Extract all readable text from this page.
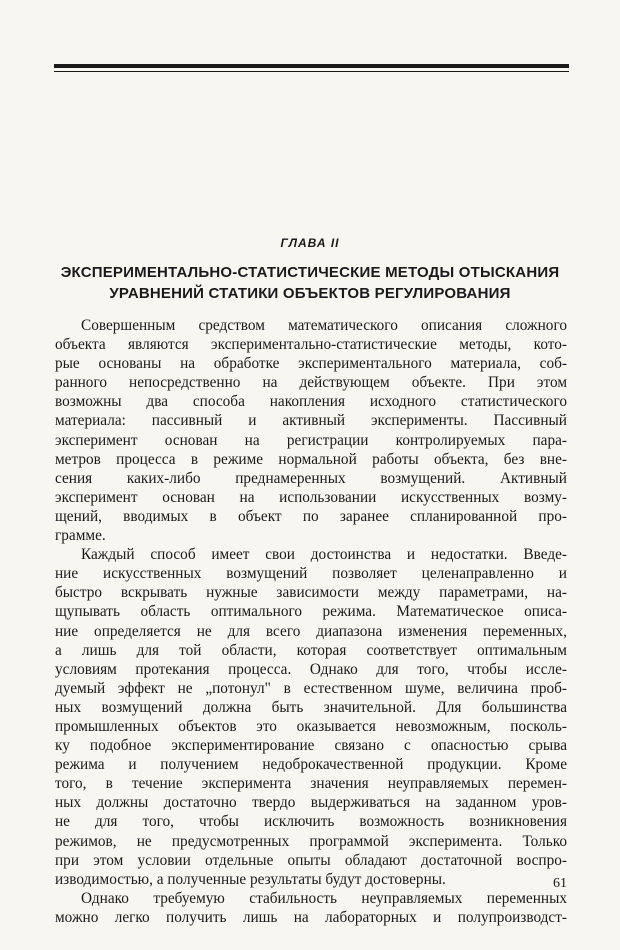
ГЛАВА II
ЭКСПЕРИМЕНТАЛЬНО-СТАТИСТИЧЕСКИЕ МЕТОДЫ ОТЫСКАНИЯ
УРАВНЕНИЙ СТАТИКИ ОБЪЕКТОВ РЕГУЛИРОВАНИЯ
Совершенным средством математического описания сложного
объекта являются экспериментально-статистические методы, кото-
рые основаны на обработке экспериментального материала, соб-
ранного непосредственно на действующем объекте. При этом
возможны два способа накопления исходного статистического
материала: пассивный и активный эксперименты. Пассивный
эксперимент основан на регистрации контролируемых пара-
метров процесса в режиме нормальной работы объекта, без вне-
сения каких-либо преднамеренных возмущений. Активный
эксперимент основан на использовании искусственных возму-
щений, вводимых в объект по заранее спланированной про-
грамме.
Каждый способ имеет свои достоинства и недостатки. Введе-
ние искусственных возмущений позволяет целенаправленно и
быстро вскрывать нужные зависимости между параметрами, на-
щупывать область оптимального режима. Математическое описа-
ние определяется не для всего диапазона изменения переменных,
а лишь для той области, которая соответствует оптимальным
условиям протекания процесса. Однако для того, чтобы иссле-
дуемый эффект не „потонул" в естественном шуме, величина проб-
ных возмущений должна быть значительной. Для большинства
промышленных объектов это оказывается невозможным, посколь-
ку подобное экспериментирование связано с опасностью срыва
режима и получением недоброкачественной продукции. Кроме
того, в течение эксперимента значения неуправляемых перемен-
ных должны достаточно твердо выдерживаться на заданном уров-
не для того, чтобы исключить возможность возникновения
режимов, не предусмотренных программой эксперимента. Только
при этом условии отдельные опыты обладают достаточной воспро-
изводимостью, а полученные результаты будут достоверны.
Однако требуемую стабильность неуправляемых переменных
можно легко получить лишь на лабораторных и полупроизводст-
61
